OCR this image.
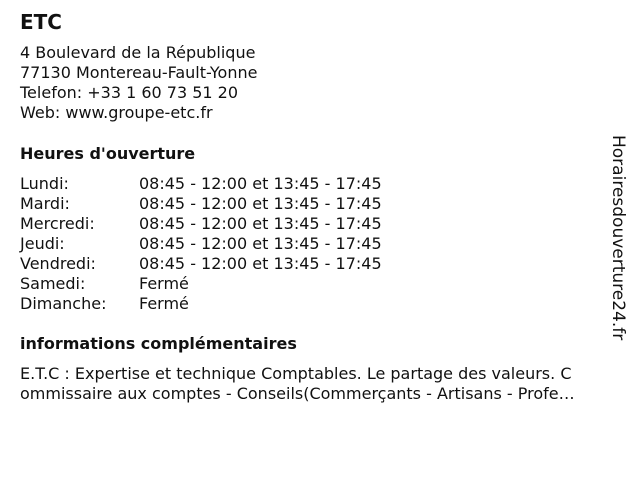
ETC
4 Boulevard de la République
77130 Montereau-Fault-Yonne
Telefon: +33 1 60 73 51 20
Web: www.groupe-etc.fr
Heures d'ouverture
Lundi:	08:45 - 12:00 et 13:45 - 17:45
Mardi:	08:45 - 12:00 et 13:45 - 17:45
Mercredi:	08:45 - 12:00 et 13:45 - 17:45
Jeudi:	08:45 - 12:00 et 13:45 - 17:45
Vendredi:	08:45 - 12:00 et 13:45 - 17:45
Samedi:	Fermé
Dimanche:	Fermé
informations complémentaires
E.T.C : Expertise et technique Comptables. Le partage des valeurs. C
ommissaire aux comptes - Conseils(Commerçants - Artisans - Profe…
Horairesdouverture24.fr
